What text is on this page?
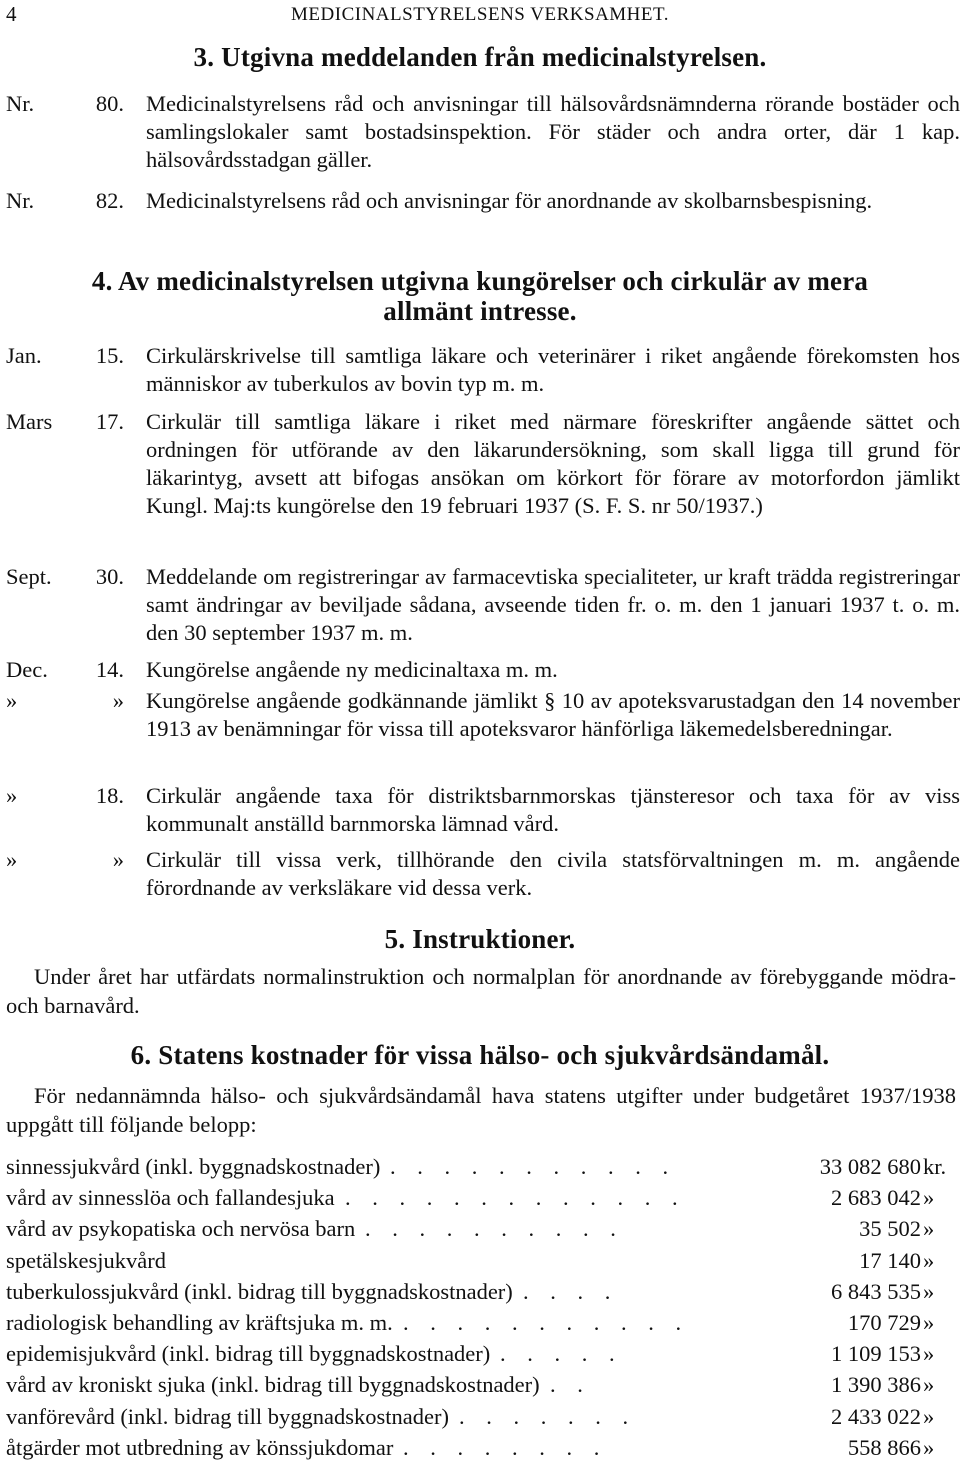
4	MEDICINALSTYRELSENS VERKSAMHET.
3. Utgivna meddelanden från medicinalstyrelsen.
Nr.	80. Medicinalstyrelsens råd och anvisningar till hälsovårdsnämnderna rörande bostäder och samlingslokaler samt bostadsinspektion. För städer och andra orter, där 1 kap. hälsovårdsstadgan gäller.
Nr.	82. Medicinalstyrelsens råd och anvisningar för anordnande av skolbarnsbespisning.
4. Av medicinalstyrelsen utgivna kungörelser och cirkulär av mera
allmänt intresse.
Jan. 15. Cirkulärskrivelse till samtliga läkare och veterinärer i riket angående förekomsten hos människor av tuberkulos av bovin typ m. m.
Mars 17. Cirkulär till samtliga läkare i riket med närmare föreskrifter angående sättet och ordningen för utförande av den läkarundersökning, som skall ligga till grund för läkarintyg, avsett att bifogas ansökan om körkort för förare av motorfordon jämlikt Kungl. Maj:ts kungörelse den 19 februari 1937 (S. F. S. nr 50/1937.)
Sept. 30. Meddelande om registreringar av farmacevtiska specialiteter, ur kraft trädda registreringar samt ändringar av beviljade sådana, avseende tiden fr. o. m. den 1 januari 1937 t. o. m. den 30 september 1937 m. m.
Dec. 14. Kungörelse angående ny medicinaltaxa m. m.
»	» Kungörelse angående godkännande jämlikt § 10 av apoteksvarustadgan den 14 november 1913 av benämningar för vissa till apoteksvaror hänförliga läkemedelsberedningar.
»	18. Cirkulär angående taxa för distriktsbarnmorskas tjänsteresor och taxa för av viss kommunalt anställd barnmorska lämnad vård.
»	» Cirkulär till vissa verk, tillhörande den civila statsförvaltningen m. m. angående förordnande av verksläkare vid dessa verk.
5. Instruktioner.
Under året har utfärdats normalinstruktion och normalplan för anordnande av förebyggande mödra- och barnavård.
6. Statens kostnader för vissa hälso- och sjukvårdsändamål.
För nedannämnda hälso- och sjukvårdsändamål hava statens utgifter under budgetåret 1937/1938 uppgått till följande belopp:
sinnessjukvård (inkl. byggnadskostnader) . . . . . . . . . . .	33 082 680 kr.
vård av sinnesslöa och fallandesjuka . . . . . . . . . . . . .	2 683 042 »
vård av psykopatiska och nervösa barn . . . . . . . . . .	35 502 »
spetälskesjukvård	17 140 »
tuberkulossjukvård (inkl. bidrag till byggnadskostnader) . . . .	6 843 535 »
radiologisk behandling av kräftsjuka m. m. . . . . . . . . . . .	170 729 »
epidemisjukvård (inkl. bidrag till byggnadskostnader) . . . . .	1 109 153 »
vård av kroniskt sjuka (inkl. bidrag till byggnadskostnader) . .	1 390 386 »
vanförevård (inkl. bidrag till byggnadskostnader) . . . . . . .	2 433 022 »
åtgärder mot utbredning av könssjukdomar . . . . . . . .	558 866 »
